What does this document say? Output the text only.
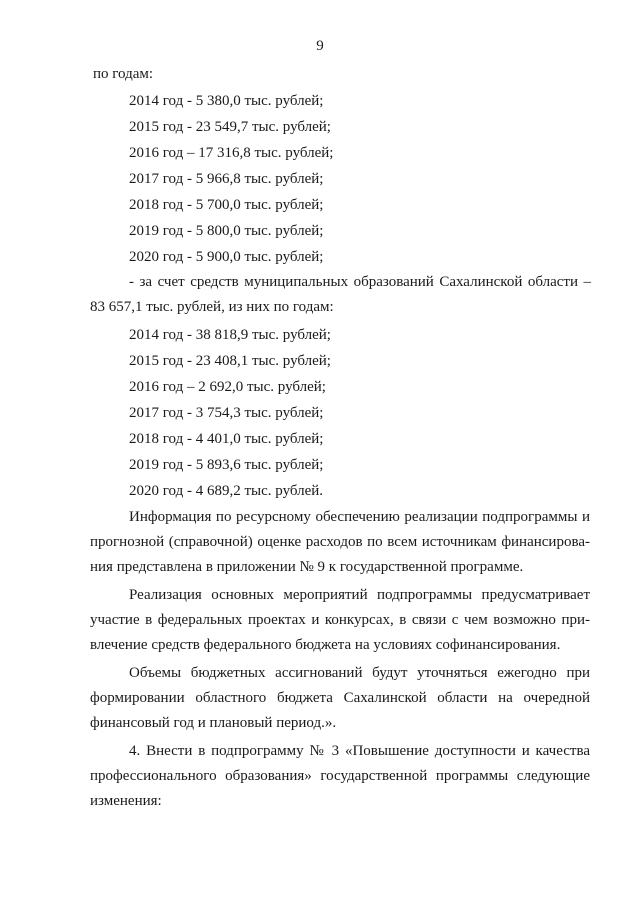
9
по годам:
2014 год - 5 380,0 тыс. рублей;
2015 год - 23 549,7 тыс. рублей;
2016 год – 17 316,8 тыс. рублей;
2017 год - 5 966,8 тыс. рублей;
2018 год - 5 700,0 тыс. рублей;
2019 год - 5 800,0 тыс. рублей;
2020 год - 5 900,0 тыс. рублей;
- за счет средств муниципальных образований Сахалинской области –
83 657,1 тыс. рублей, из них по годам:
2014 год - 38 818,9 тыс. рублей;
2015 год - 23 408,1 тыс. рублей;
2016 год – 2 692,0 тыс. рублей;
2017 год - 3 754,3 тыс. рублей;
2018 год - 4 401,0 тыс. рублей;
2019 год - 5 893,6 тыс. рублей;
2020 год - 4 689,2 тыс. рублей.
Информация по ресурсному обеспечению реализации подпрограммы и
прогнозной (справочной) оценке расходов по всем источникам финансирова-
ния представлена в приложении № 9 к государственной программе.
Реализация основных мероприятий подпрограммы предусматривает
участие в федеральных проектах и конкурсах, в связи с чем возможно при-
влечение средств федерального бюджета на условиях софинансирования.
Объемы бюджетных ассигнований будут уточняться ежегодно при
формировании областного бюджета Сахалинской области на очередной
финансовый год и плановый период.».
4. Внести в подпрограмму № 3 «Повышение доступности и качества
профессионального образования» государственной программы следующие
изменения:
